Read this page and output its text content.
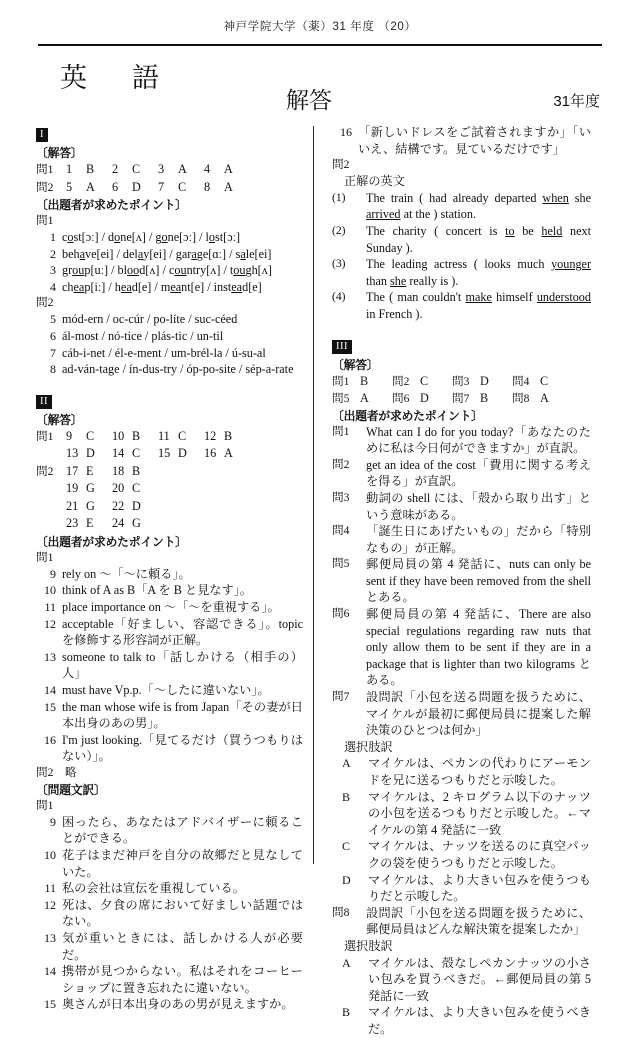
神戸学院大学（薬）31 年度 （20）
英　語
解答	31年度
I
〔解答〕
問1 1 B 2 C 3 A 4 A
問2 5 A 6 D 7 C 8 A
〔出題者が求めたポイント〕
問1
1 cost[ɔː] / done[ʌ] / gone[ɔː] / lost[ɔː]
2 behave[ei] / delay[ei] / garage[ɑː] / sale[ei]
3 group[uː] / blood[ʌ] / country[ʌ] / tough[ʌ]
4 cheap[iː] / head[e] / meant[e] / instead[e]
問2
5 mód-ern / oc-cúr / po-líte / suc-céed
6 ál-most / nó-tice / plás-tic / un-til
7 cáb-i-net / él-e-ment / um-brél-la / ú-su-al
8 ad-ván-tage / ín-dus-try / óp-po-site / sép-a-rate
II
〔解答〕
問1 9 C 10 B 11 C 12 B
13 D 14 C 15 D 16 A
問2 17 E 18 B
19 G 20 C
21 G 22 D
23 E 24 G
〔出題者が求めたポイント〕
問1
9 rely on ～「～に頼る」。
10 think of A as B「A を B と見なす」。
11 place importance on ～「～を重視する」。
12 acceptable「好ましい、容認できる」。topic を修飾する形容詞が正解。
13 someone to talk to「話しかける（相手の）人」
14 must have Vp.p.「～したに違いない」。
15 the man whose wife is from Japan「その妻が日本出身のあの男」。
16 I'm just looking.「見てるだけ（買うつもりはない）」。
問2　略
〔問題文訳〕
問1
9 困ったら、あなたはアドバイザーに頼ることができる。
10 花子はまだ神戸を自分の故郷だと見なしていた。
11 私の会社は宣伝を重視している。
12 死は、夕食の席において好ましい話題ではない。
13 気が重いときには、話しかける人が必要だ。
14 携帯が見つからない。私はそれをコーヒーショップに置き忘れたに違いない。
15 奥さんが日本出身のあの男が見えますか。
16 「新しいドレスをご試着されますか」「いいえ、結構です。見ているだけです」
問2
正解の英文
(1)	The train ( had already departed when she arrived at the ) station.
(2)	The charity ( concert is to be held next Sunday ).
(3)	The leading actress ( looks much younger than she really is ).
(4)	The ( man couldn't make himself understood in French ).
III
〔解答〕
問1 B 問2 C 問3 D 問4 C
問5 A 問6 D 問7 B 問8 A
〔出題者が求めたポイント〕
問1	What can I do for you today?「あなたのために私は今日何ができますか」が直訳。
問2	get an idea of the cost「費用に関する考えを得る」が直訳。
問3	動詞の shell には、「殻から取り出す」という意味がある。
問4	「誕生日にあげたいもの」だから「特別なもの」が正解。
問5	郵便局員の第 4 発話に、nuts can only be sent if they have been removed from the shell とある。
問6	郵便局員の第 4 発話に、There are also special regulations regarding raw nuts that only allow them to be sent if they are in a package that is lighter than two kilograms とある。
問7	設問訳「小包を送る問題を扱うために、マイケルが最初に郵便局員に提案した解決策のひとつは何か」
選択肢訳
A	マイケルは、ペカンの代わりにアーモンドを兄に送るつもりだと示唆した。
B	マイケルは、2 キログラム以下のナッツの小包を送るつもりだと示唆した。←マイケルの第 4 発話に一致
C	マイケルは、ナッツを送るのに真空パックの袋を使うつもりだと示唆した。
D	マイケルは、より大きい包みを使うつもりだと示唆した。
問8	設問訳「小包を送る問題を扱うために、郵便局員はどんな解決策を提案したか」
選択肢訳
A	マイケルは、殻なしペカンナッツの小さい包みを買うべきだ。←郵便局員の第 5 発話に一致
B	マイケルは、より大きい包みを使うべきだ。
